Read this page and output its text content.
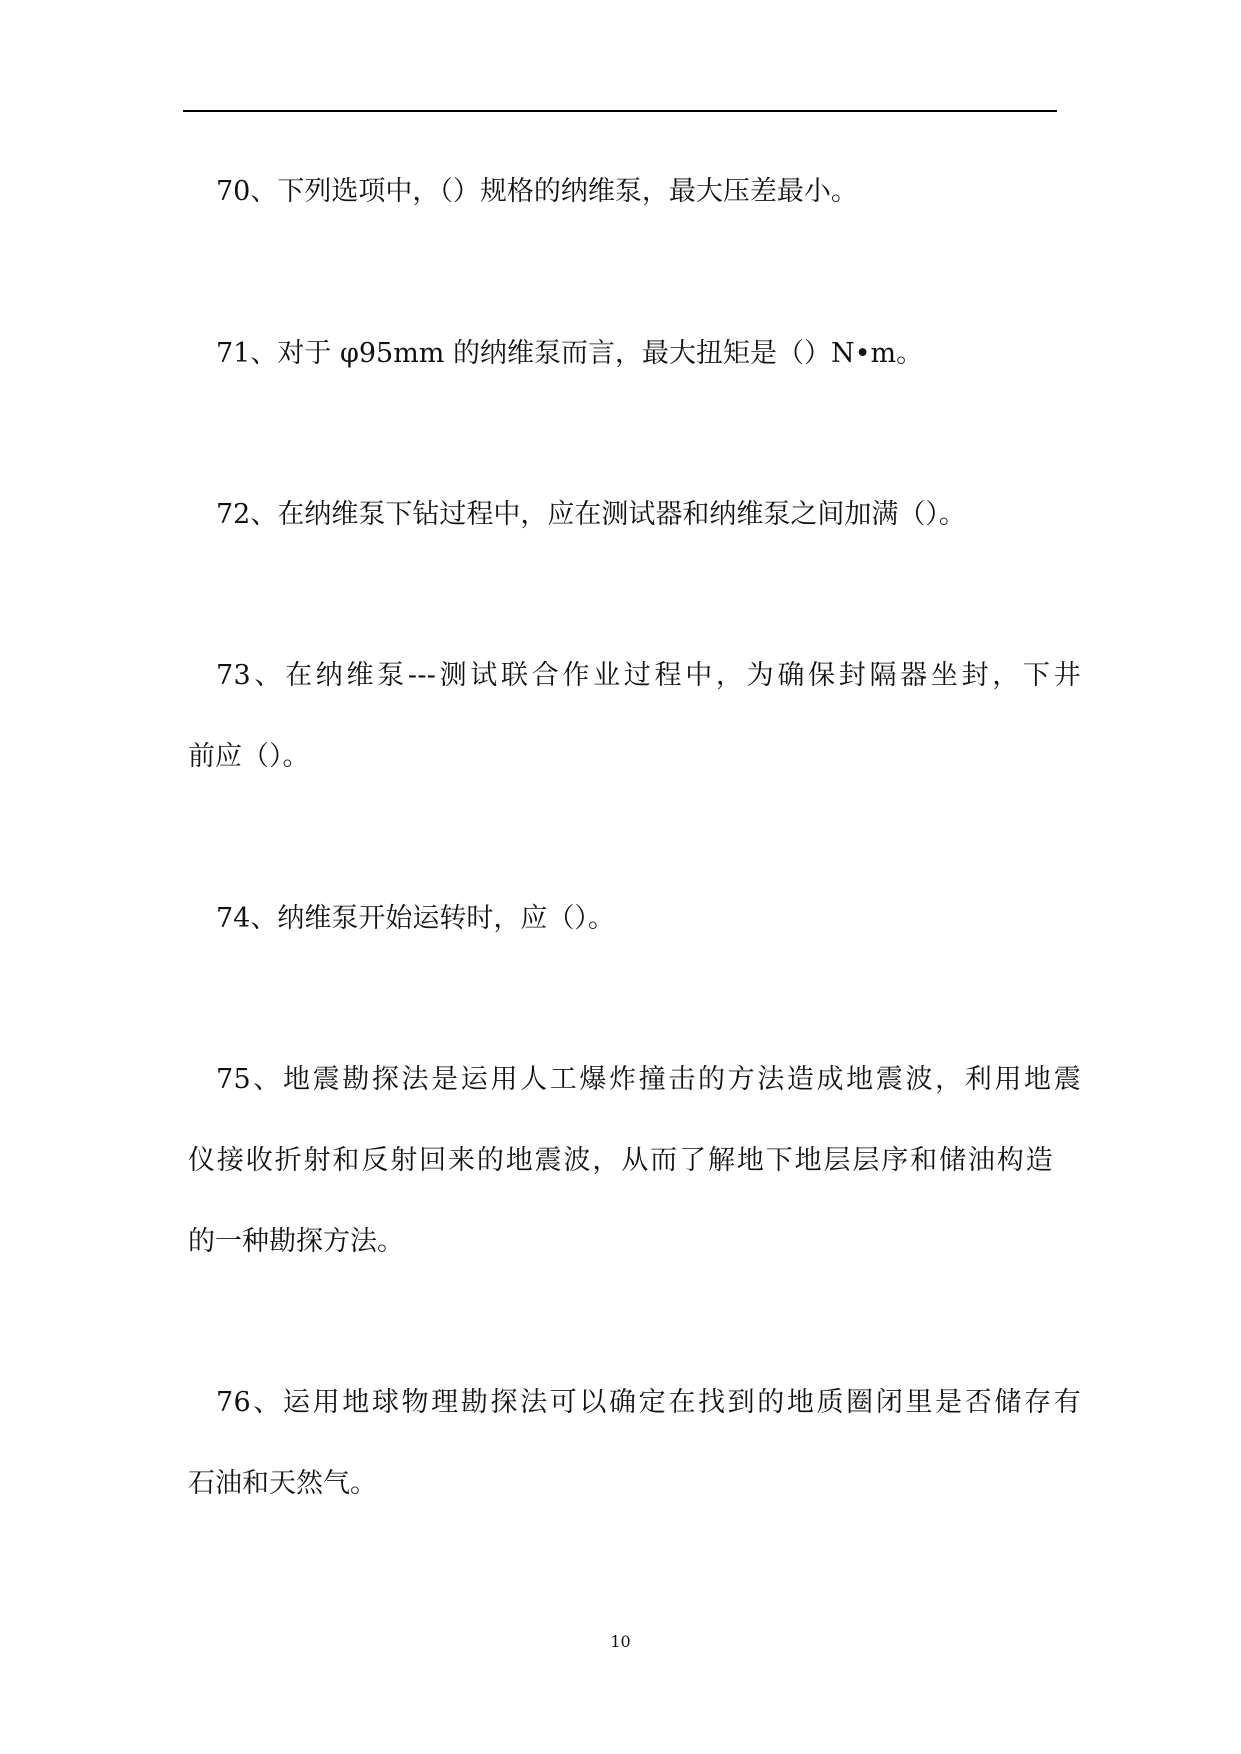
70、下列选项中，（）规格的纳维泵，最大压差最小。
71、对于 φ95mm 的纳维泵而言，最大扭矩是（）N•m。
72、在纳维泵下钻过程中，应在测试器和纳维泵之间加满（）。
73、在纳维泵---测试联合作业过程中，为确保封隔器坐封，下井
前应（）。
74、纳维泵开始运转时，应（）。
75、地震勘探法是运用人工爆炸撞击的方法造成地震波，利用地震
仪接收折射和反射回来的地震波，从而了解地下地层层序和储油构造
的一种勘探方法。
76、运用地球物理勘探法可以确定在找到的地质圈闭里是否储存有
石油和天然气。
10
